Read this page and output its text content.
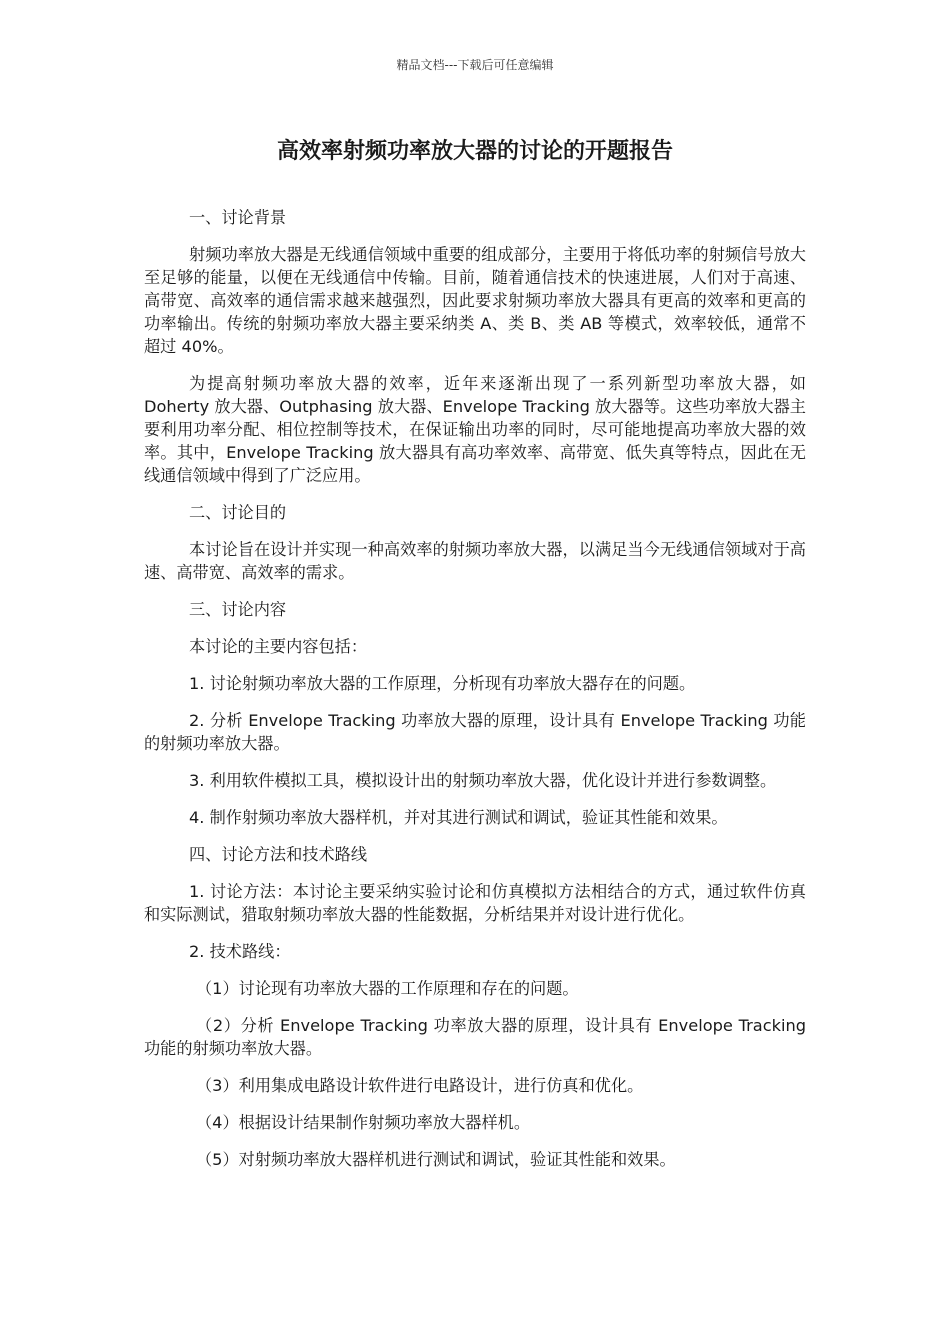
精品文档---下载后可任意编辑
高效率射频功率放大器的讨论的开题报告

一、讨论背景

射频功率放大器是无线通信领域中重要的组成部分，主要用于将低功率的射频信号放大至足够的能量，以便在无线通信中传输。目前，随着通信技术的快速进展，人们对于高速、高带宽、高效率的通信需求越来越强烈，因此要求射频功率放大器具有更高的效率和更高的功率输出。传统的射频功率放大器主要采纳类 A、类 B、类 AB 等模式，效率较低，通常不超过 40%。

为提高射频功率放大器的效率，近年来逐渐出现了一系列新型功率放大器，如 Doherty 放大器、Outphasing 放大器、Envelope Tracking 放大器等。这些功率放大器主要利用功率分配、相位控制等技术，在保证输出功率的同时，尽可能地提高功率放大器的效率。其中，Envelope Tracking 放大器具有高功率效率、高带宽、低失真等特点，因此在无线通信领域中得到了广泛应用。

二、讨论目的

本讨论旨在设计并实现一种高效率的射频功率放大器，以满足当今无线通信领域对于高速、高带宽、高效率的需求。

三、讨论内容

本讨论的主要内容包括：

1. 讨论射频功率放大器的工作原理，分析现有功率放大器存在的问题。

2. 分析 Envelope Tracking 功率放大器的原理，设计具有 Envelope Tracking 功能的射频功率放大器。

3. 利用软件模拟工具，模拟设计出的射频功率放大器，优化设计并进行参数调整。

4. 制作射频功率放大器样机，并对其进行测试和调试，验证其性能和效果。

四、讨论方法和技术路线

1. 讨论方法：本讨论主要采纳实验讨论和仿真模拟方法相结合的方式，通过软件仿真和实际测试，猎取射频功率放大器的性能数据，分析结果并对设计进行优化。

2. 技术路线：

（1）讨论现有功率放大器的工作原理和存在的问题。

（2）分析 Envelope Tracking 功率放大器的原理，设计具有 Envelope Tracking 功能的射频功率放大器。

（3）利用集成电路设计软件进行电路设计，进行仿真和优化。

（4）根据设计结果制作射频功率放大器样机。

（5）对射频功率放大器样机进行测试和调试，验证其性能和效果。
